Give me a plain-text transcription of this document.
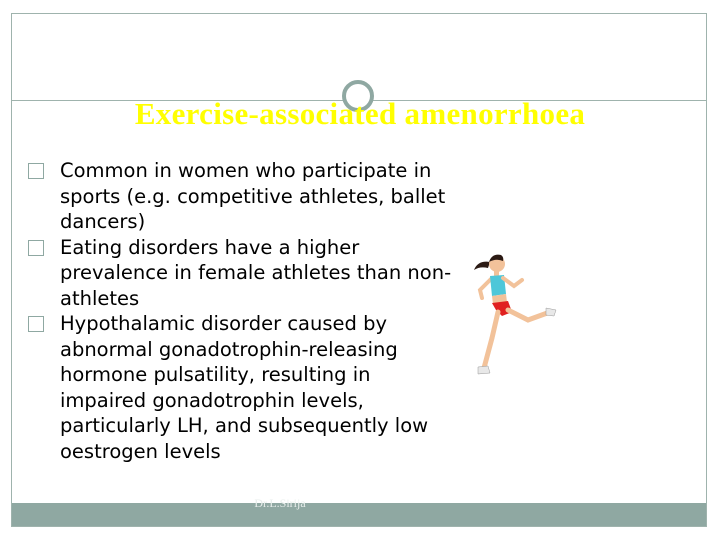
Exercise-associated amenorrhoea
Common in women who participate in sports (e.g. competitive athletes, ballet dancers)
Eating disorders have a higher prevalence in female athletes than non-athletes
Hypothalamic disorder caused by abnormal gonadotrophin-releasing hormone pulsatility, resulting in impaired gonadotrophin levels, particularly LH, and subsequently low oestrogen levels
Dr.L.Sirija
